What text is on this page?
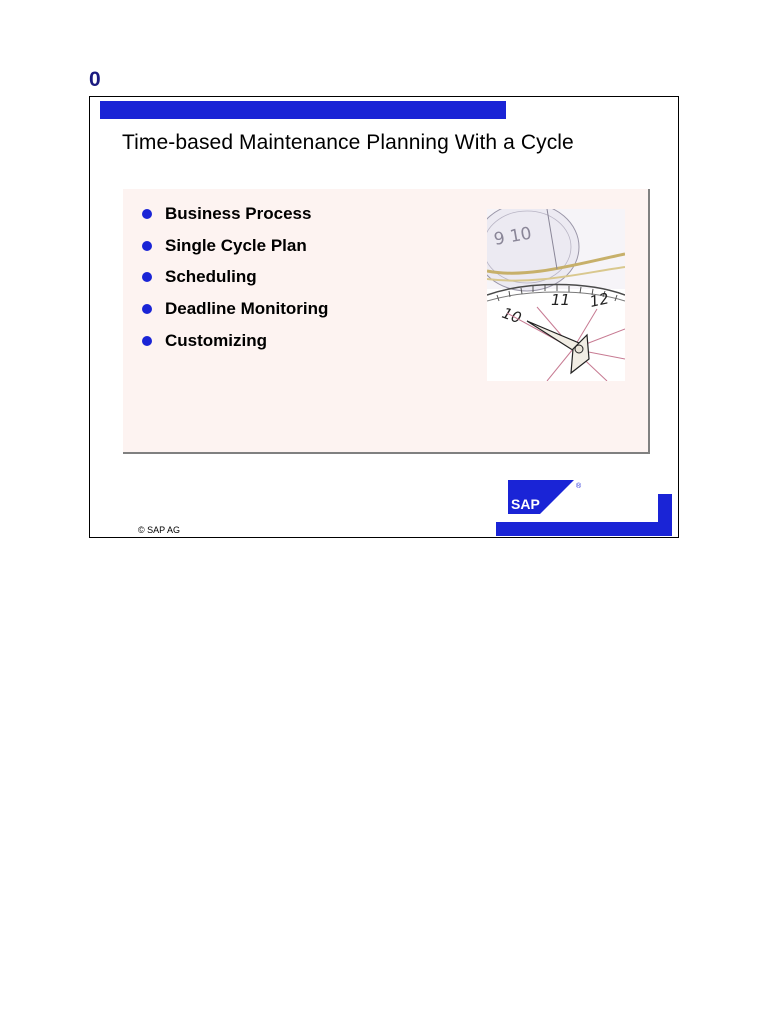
0
Time-based Maintenance Planning With a Cycle
Business Process
Single Cycle Plan
Scheduling
Deadline Monitoring
Customizing
9 10
10
11 12
© SAP AG
SAP
®
